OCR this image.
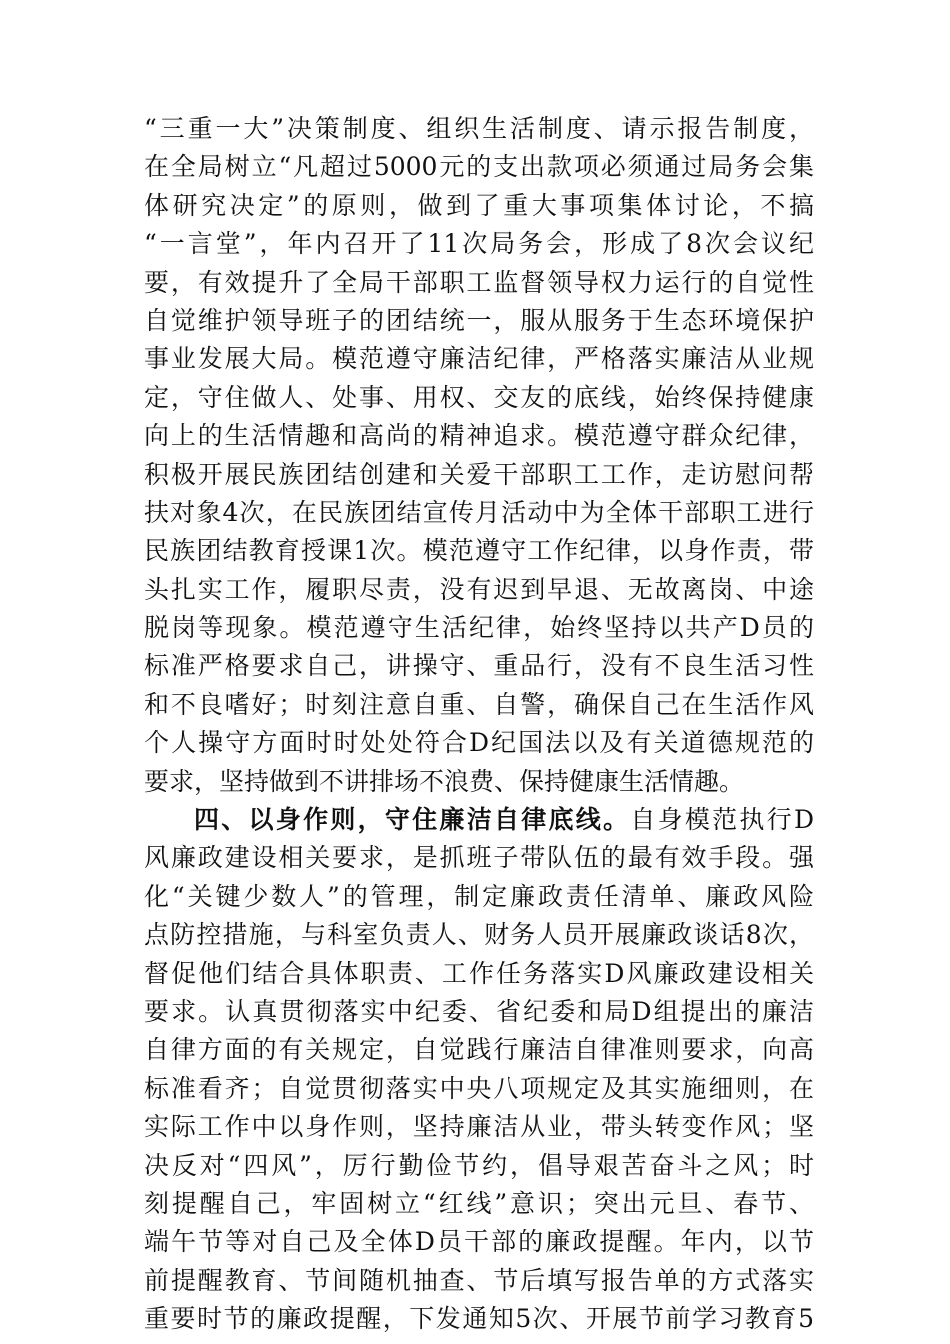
“三重一大”决策制度、组织生活制度、请示报告制度，
在全局树立“凡超过5000元的支出款项必须通过局务会集
体研究决定”的原则，做到了重大事项集体讨论，不搞
“一言堂”，年内召开了11次局务会，形成了8次会议纪
要，有效提升了全局干部职工监督领导权力运行的自觉性
自觉维护领导班子的团结统一，服从服务于生态环境保护
事业发展大局。模范遵守廉洁纪律，严格落实廉洁从业规
定，守住做人、处事、用权、交友的底线，始终保持健康
向上的生活情趣和高尚的精神追求。模范遵守群众纪律，
积极开展民族团结创建和关爱干部职工工作，走访慰问帮
扶对象4次，在民族团结宣传月活动中为全体干部职工进行
民族团结教育授课1次。模范遵守工作纪律，以身作责，带
头扎实工作，履职尽责，没有迟到早退、无故离岗、中途
脱岗等现象。模范遵守生活纪律，始终坚持以共产D员的
标准严格要求自己，讲操守、重品行，没有不良生活习性
和不良嗜好；时刻注意自重、自警，确保自己在生活作风
个人操守方面时时处处符合D纪国法以及有关道德规范的
要求，坚持做到不讲排场不浪费、保持健康生活情趣。
四、以身作则，守住廉洁自律底线。自身模范执行D
风廉政建设相关要求，是抓班子带队伍的最有效手段。强
化“关键少数人”的管理，制定廉政责任清单、廉政风险
点防控措施，与科室负责人、财务人员开展廉政谈话8次，
督促他们结合具体职责、工作任务落实D风廉政建设相关
要求。认真贯彻落实中纪委、省纪委和局D组提出的廉洁
自律方面的有关规定，自觉践行廉洁自律准则要求，向高
标准看齐；自觉贯彻落实中央八项规定及其实施细则，在
实际工作中以身作则，坚持廉洁从业，带头转变作风；坚
决反对“四风”，厉行勤俭节约，倡导艰苦奋斗之风；时
刻提醒自己，牢固树立“红线”意识；突出元旦、春节、
端午节等对自己及全体D员干部的廉政提醒。年内，以节
前提醒教育、节间随机抽查、节后填写报告单的方式落实
重要时节的廉政提醒，下发通知5次、开展节前学习教育5
